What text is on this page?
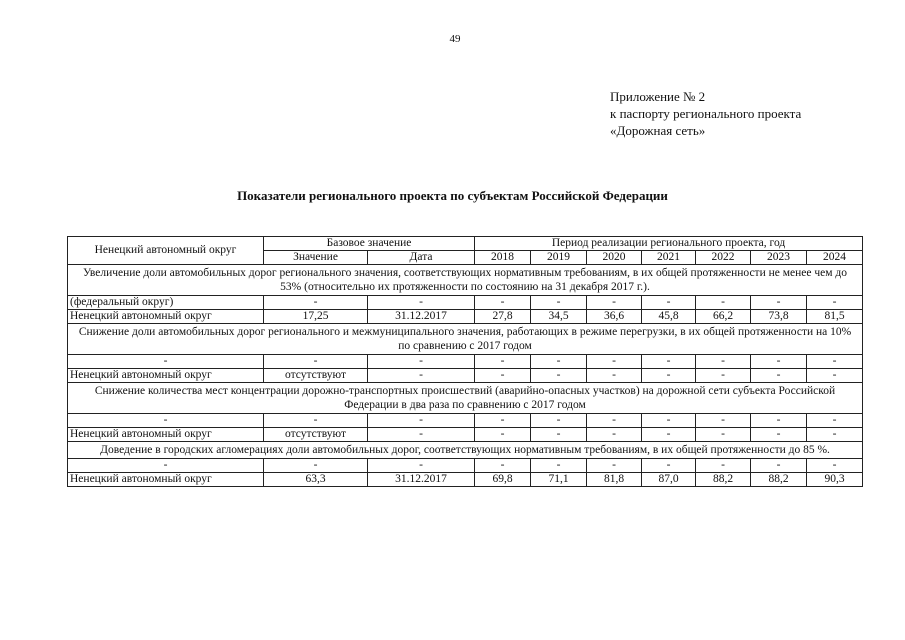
49
Приложение № 2
к паспорту регионального проекта
«Дорожная сеть»
Показатели регионального проекта по субъектам Российской Федерации
Ненецкий автономный округ	Базовое значение		Период реализации регионального проекта, год						
	Значение	Дата	2018	2019	2020	2021	2022	2023	2024
Увеличение доли автомобильных дорог регионального значения, соответствующих нормативным требованиям, в их общей протяженности не менее чем до 53% (относительно их протяженности по состоянию на 31 декабря 2017 г.).									
(федеральный округ)	-	-	-	-	-	-	-	-	-
Ненецкий автономный округ	17,25	31.12.2017	27,8	34,5	36,6	45,8	66,2	73,8	81,5
Снижение доли автомобильных дорог регионального и межмуниципального значения, работающих в режиме перегрузки, в их общей протяженности на 10% по сравнению с 2017 годом									
-	-	-	-	-	-	-	-	-	-
Ненецкий автономный округ	отсутствуют	-	-	-	-	-	-	-	-
Снижение количества мест концентрации дорожно-транспортных происшествий (аварийно-опасных участков) на дорожной сети субъекта Российской Федерации в два раза по сравнению с 2017 годом									
-	-	-	-	-	-	-	-	-	-
Ненецкий автономный округ	отсутствуют	-	-	-	-	-	-	-	-
Доведение в городских агломерациях доли автомобильных дорог, соответствующих нормативным требованиям, в их общей протяженности до 85 %.									
-	-	-	-	-	-	-	-	-	-
Ненецкий автономный округ	63,3	31.12.2017	69,8	71,1	81,8	87,0	88,2	88,2	90,3
